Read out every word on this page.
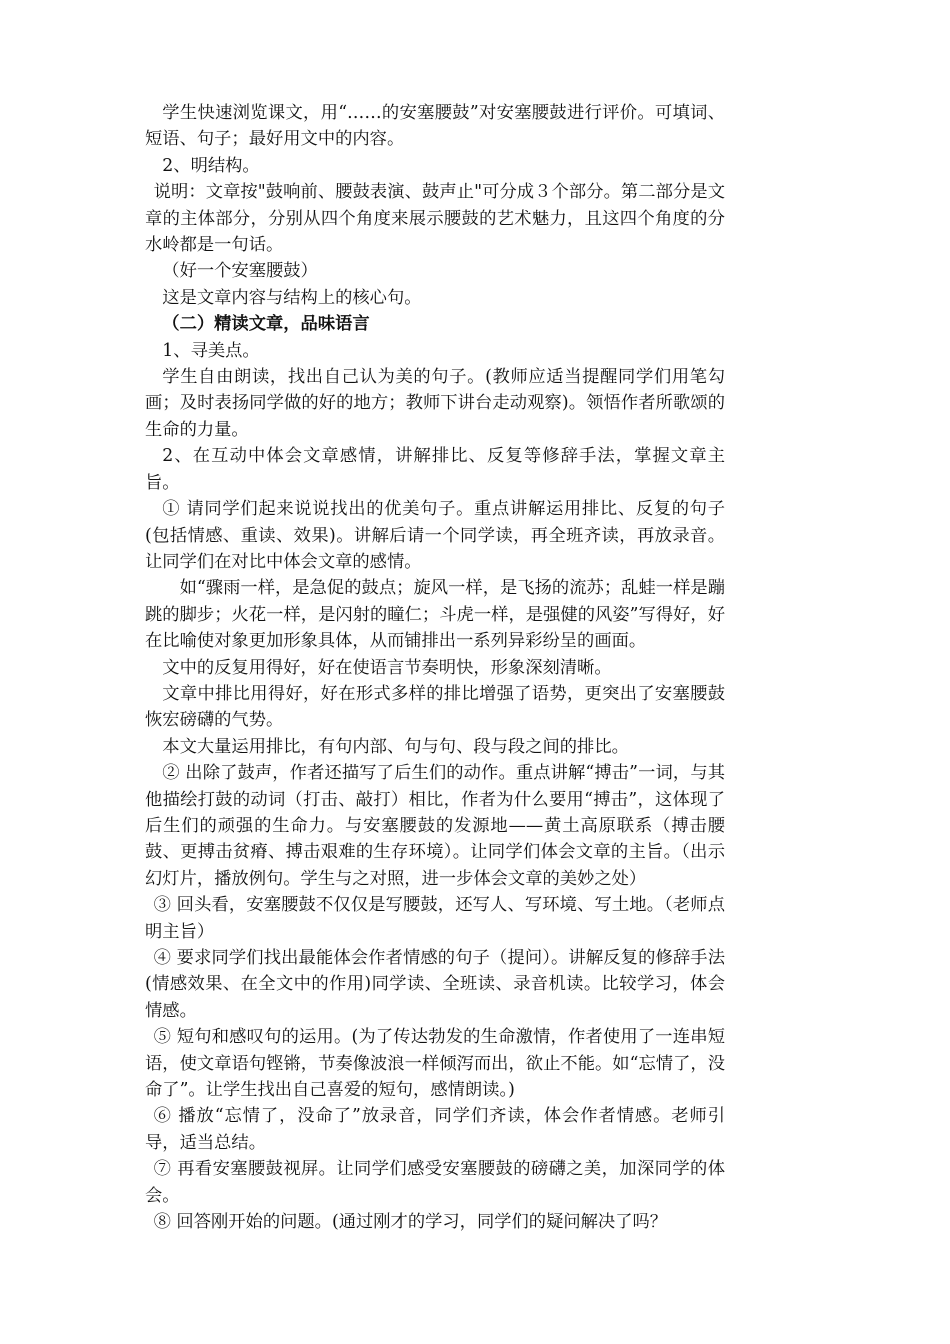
学生快速浏览课文，用“……的安塞腰鼓”对安塞腰鼓进行评价。可填词、短语、句子；最好用文中的内容。

2、明结构。

说明：文章按"鼓响前、腰鼓表演、鼓声止"可分成３个部分。第二部分是文章的主体部分，分别从四个角度来展示腰鼓的艺术魅力，且这四个角度的分水岭都是一句话。

（好一个安塞腰鼓）

这是文章内容与结构上的核心句。

（二）精读文章，品味语言

1、寻美点。

学生自由朗读，找出自己认为美的句子。(教师应适当提醒同学们用笔勾画；及时表扬同学做的好的地方；教师下讲台走动观察)。领悟作者所歌颂的生命的力量。

2、在互动中体会文章感情，讲解排比、反复等修辞手法，掌握文章主旨。

① 请同学们起来说说找出的优美句子。重点讲解运用排比、反复的句子(包括情感、重读、效果)。讲解后请一个同学读，再全班齐读，再放录音。让同学们在对比中体会文章的感情。

如“骤雨一样，是急促的鼓点；旋风一样，是飞扬的流苏；乱蛙一样是蹦跳的脚步；火花一样，是闪射的瞳仁；斗虎一样，是强健的风姿”写得好，好在比喻使对象更加形象具体，从而铺排出一系列异彩纷呈的画面。

文中的反复用得好，好在使语言节奏明快，形象深刻清晰。

文章中排比用得好，好在形式多样的排比增强了语势，更突出了安塞腰鼓恢宏磅礴的气势。

本文大量运用排比，有句内部、句与句、段与段之间的排比。

② 出除了鼓声，作者还描写了后生们的动作。重点讲解“搏击”一词，与其他描绘打鼓的动词（打击、敲打）相比，作者为什么要用“搏击”，这体现了后生们的顽强的生命力。与安塞腰鼓的发源地——黄土高原联系（搏击腰鼓、更搏击贫瘠、搏击艰难的生存环境）。让同学们体会文章的主旨。（出示幻灯片，播放例句。学生与之对照，进一步体会文章的美妙之处）

③ 回头看，安塞腰鼓不仅仅是写腰鼓，还写人、写环境、写土地。（老师点明主旨）

④ 要求同学们找出最能体会作者情感的句子（提问）。讲解反复的修辞手法(情感效果、在全文中的作用)同学读、全班读、录音机读。比较学习，体会情感。

⑤ 短句和感叹句的运用。(为了传达勃发的生命激情，作者使用了一连串短语，使文章语句铿锵，节奏像波浪一样倾泻而出，欲止不能。如“忘情了，没命了”。让学生找出自己喜爱的短句，感情朗读。)

⑥ 播放“忘情了，没命了”放录音，同学们齐读，体会作者情感。老师引导，适当总结。

⑦ 再看安塞腰鼓视屏。让同学们感受安塞腰鼓的磅礴之美，加深同学的体会。

⑧ 回答刚开始的问题。(通过刚才的学习，同学们的疑问解决了吗？
